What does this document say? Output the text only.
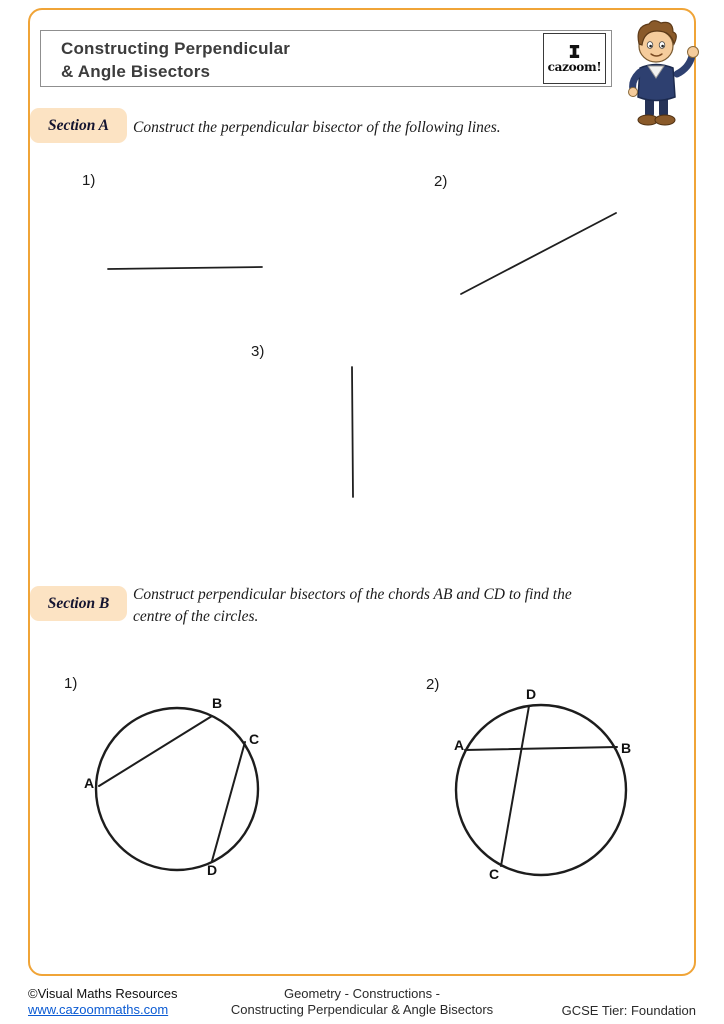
Constructing Perpendicular
& Angle Bisectors	cazoom!
Section A	Construct the perpendicular bisector of the following lines.
1)	2)
3)
Section B	Construct perpendicular bisectors of the chords AB and CD to find the centre of the circles.
1)	2)
A
B
C
D
A	B
C
D
©Visual Maths Resources
www.cazoommaths.com
Geometry - Constructions -
Constructing Perpendicular & Angle Bisectors	GCSE Tier: Foundation
